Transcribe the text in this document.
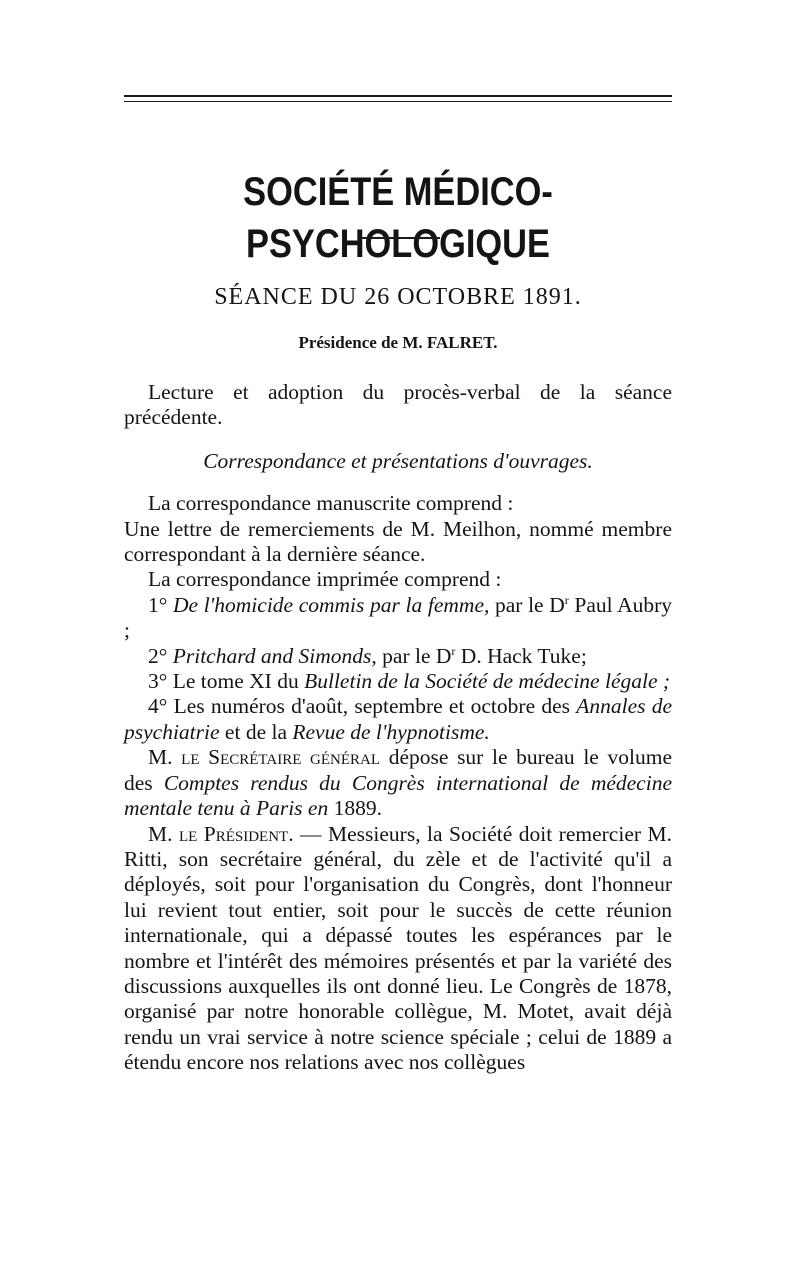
SOCIÉTÉ MÉDICO-PSYCHOLOGIQUE
SÉANCE DU 26 OCTOBRE 1891.
Présidence de M. FALRET.

Lecture et adoption du procès-verbal de la séance précédente.

Correspondance et présentations d'ouvrages.

La correspondance manuscrite comprend :

Une lettre de remerciements de M. Meilhon, nommé membre correspondant à la dernière séance.

La correspondance imprimée comprend :

1° De l'homicide commis par la femme, par le $D^r$ Paul Aubry ;

2° Pritchard and Simonds, par le $D^r$ D. Hack Tuke;

3° Le tome XI du Bulletin de la Société de médecine légale ;

4° Les numéros d'août, septembre et octobre des Annales de psychiatrie et de la Revue de l'hypnotisme.

M. le Secrétaire général dépose sur le bureau le volume des Comptes rendus du Congrès international de médecine mentale tenu à Paris en 1889.

M. le Président. — Messieurs, la Société doit remercier M. Ritti, son secrétaire général, du zèle et de l'activité qu'il a déployés, soit pour l'organisation du Congrès, dont l'honneur lui revient tout entier, soit pour le succès de cette réunion internationale, qui a dépassé toutes les espérances par le nombre et l'intérêt des mémoires présentés et par la variété des discussions auxquelles ils ont donné lieu. Le Congrès de 1878, organisé par notre honorable collègue, M. Motet, avait déjà rendu un vrai service à notre science spéciale ; celui de 1889 a étendu encore nos relations avec nos collègues
